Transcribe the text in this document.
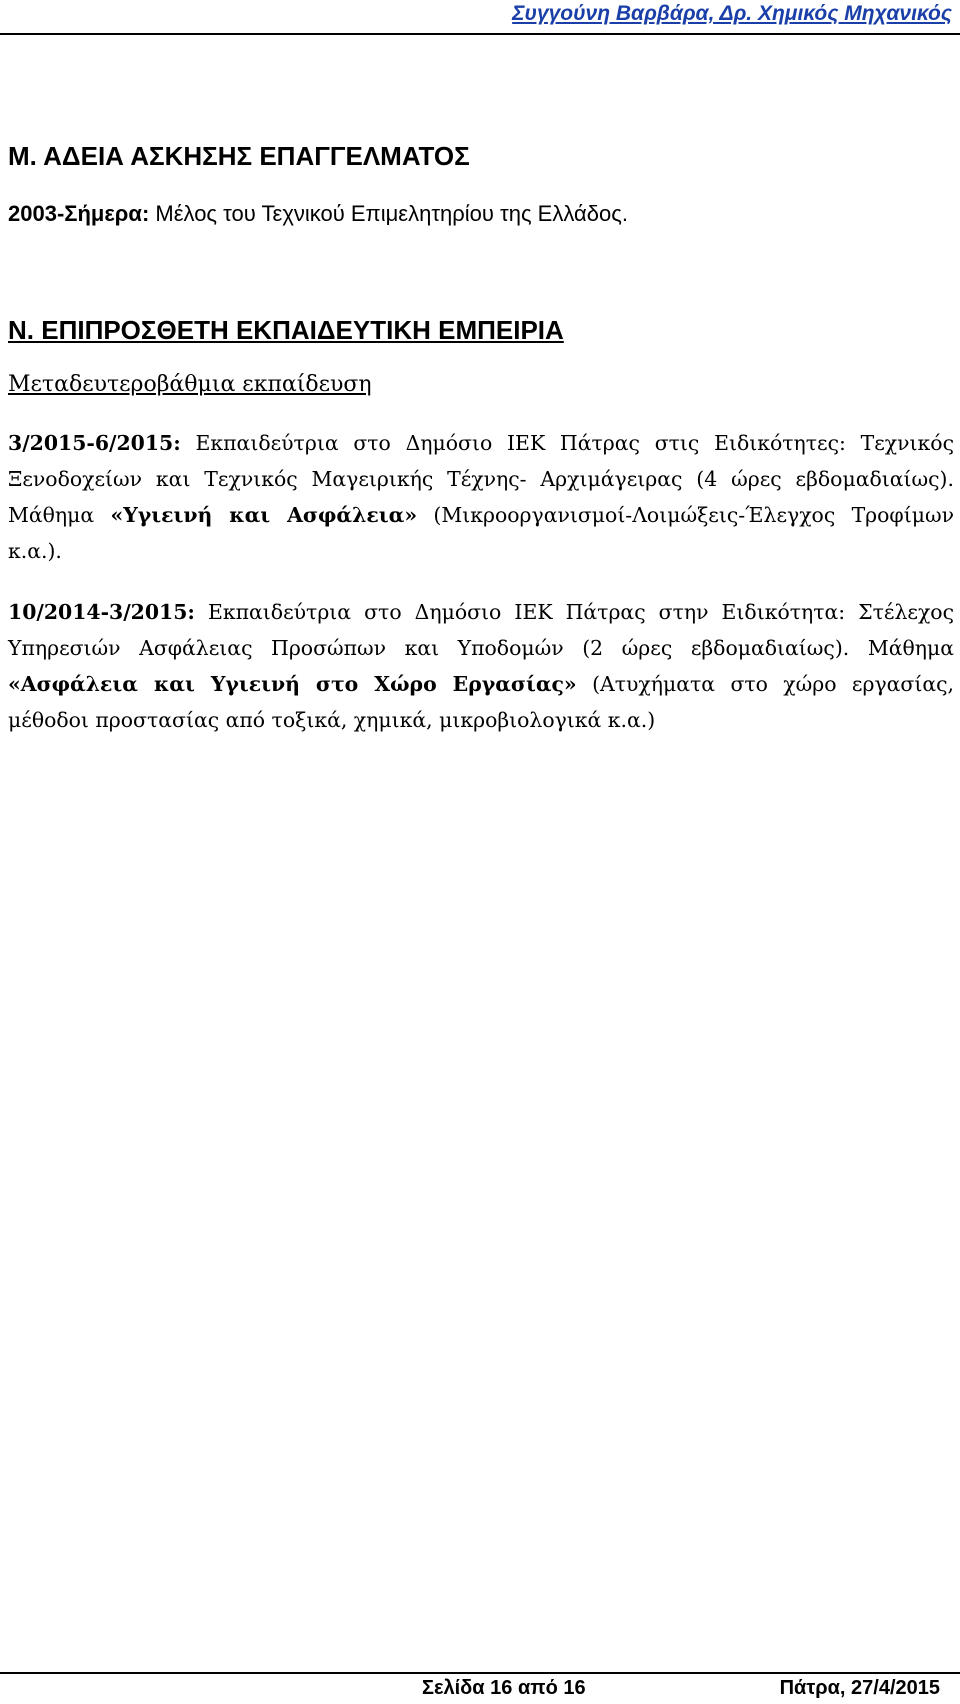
Συγγούνη Βαρβάρα, Δρ. Χημικός Μηχανικός
Μ. ΑΔΕΙΑ ΑΣΚΗΣΗΣ ΕΠΑΓΓΕΛΜΑΤΟΣ
2003-Σήμερα: Μέλος του Τεχνικού Επιμελητηρίου της Ελλάδος.
Ν. ΕΠΙΠΡΟΣΘΕΤΗ ΕΚΠΑΙΔΕΥΤΙΚΗ ΕΜΠΕΙΡΙΑ
Μεταδευτεροβάθμια εκπαίδευση
3/2015-6/2015: Εκπαιδεύτρια στο Δημόσιο ΙΕΚ Πάτρας στις Ειδικότητες: Τεχνικός Ξενοδοχείων και Τεχνικός Μαγειρικής Τέχνης- Αρχιμάγειρας (4 ώρες εβδομαδιαίως). Μάθημα «Υγιεινή και Ασφάλεια» (Μικροοργανισμοί-Λοιμώξεις-Έλεγχος Τροφίμων κ.α.).
10/2014-3/2015: Εκπαιδεύτρια στο Δημόσιο ΙΕΚ Πάτρας στην Ειδικότητα: Στέλεχος Υπηρεσιών Ασφάλειας Προσώπων και Υποδομών (2 ώρες εβδομαδιαίως). Μάθημα «Ασφάλεια και Υγιεινή στο Χώρο Εργασίας» (Ατυχήματα στο χώρο εργασίας, μέθοδοι προστασίας από τοξικά, χημικά, μικροβιολογικά κ.α.)
Σελίδα 16 από 16	Πάτρα, 27/4/2015
